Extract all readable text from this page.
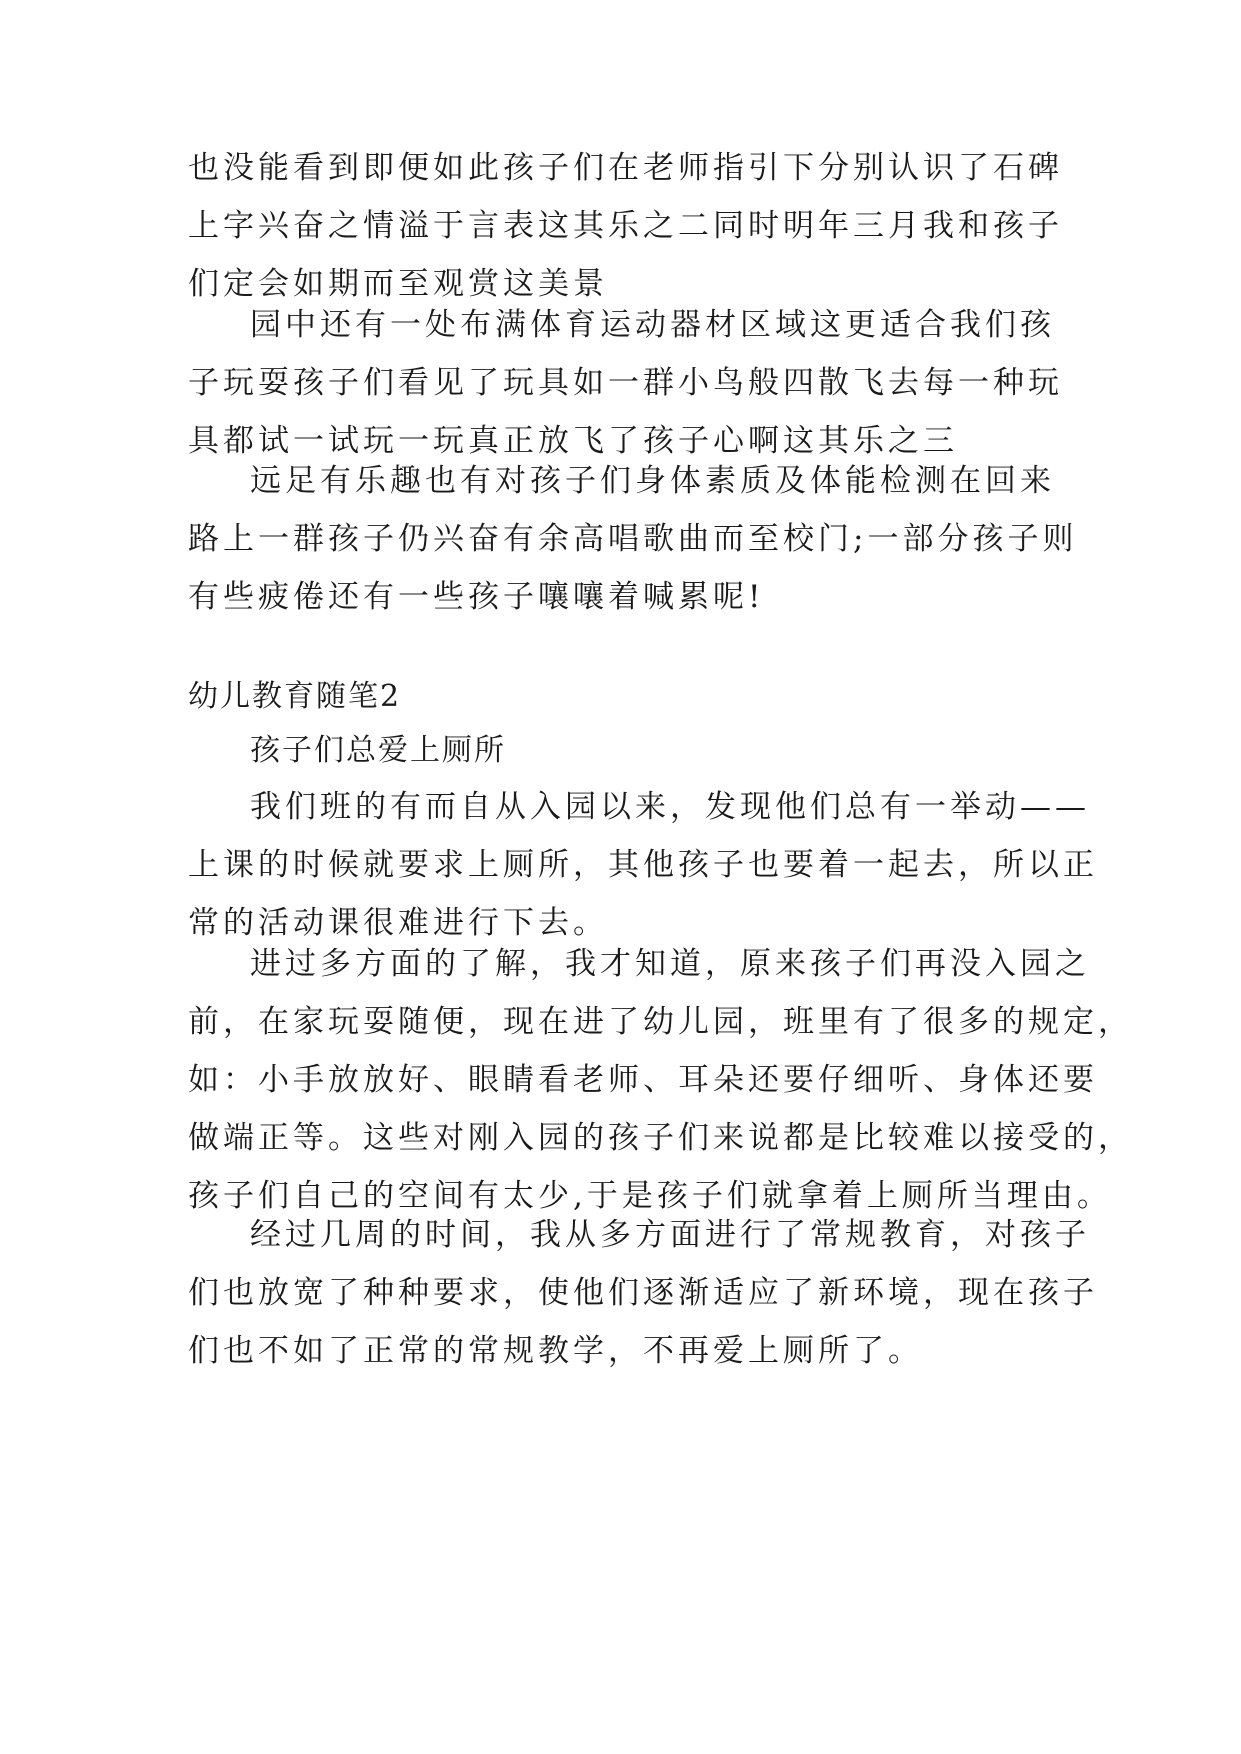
也没能看到即便如此孩子们在老师指引下分别认识了石碑
上字兴奋之情溢于言表这其乐之二同时明年三月我和孩子
们定会如期而至观赏这美景
园中还有一处布满体育运动器材区域这更适合我们孩
子玩耍孩子们看见了玩具如一群小鸟般四散飞去每一种玩
具都试一试玩一玩真正放飞了孩子心啊这其乐之三
远足有乐趣也有对孩子们身体素质及体能检测在回来
路上一群孩子仍兴奋有余高唱歌曲而至校门;一部分孩子则
有些疲倦还有一些孩子嚷嚷着喊累呢!
幼儿教育随笔2
孩子们总爱上厕所
我们班的有而自从入园以来，发现他们总有一举动——
上课的时候就要求上厕所，其他孩子也要着一起去，所以正
常的活动课很难进行下去。
进过多方面的了解，我才知道，原来孩子们再没入园之
前，在家玩耍随便，现在进了幼儿园，班里有了很多的规定，
如：小手放放好、眼睛看老师、耳朵还要仔细听、身体还要
做端正等。这些对刚入园的孩子们来说都是比较难以接受的，
孩子们自己的空间有太少,于是孩子们就拿着上厕所当理由。
经过几周的时间，我从多方面进行了常规教育，对孩子
们也放宽了种种要求，使他们逐渐适应了新环境，现在孩子
们也不如了正常的常规教学，不再爱上厕所了。
